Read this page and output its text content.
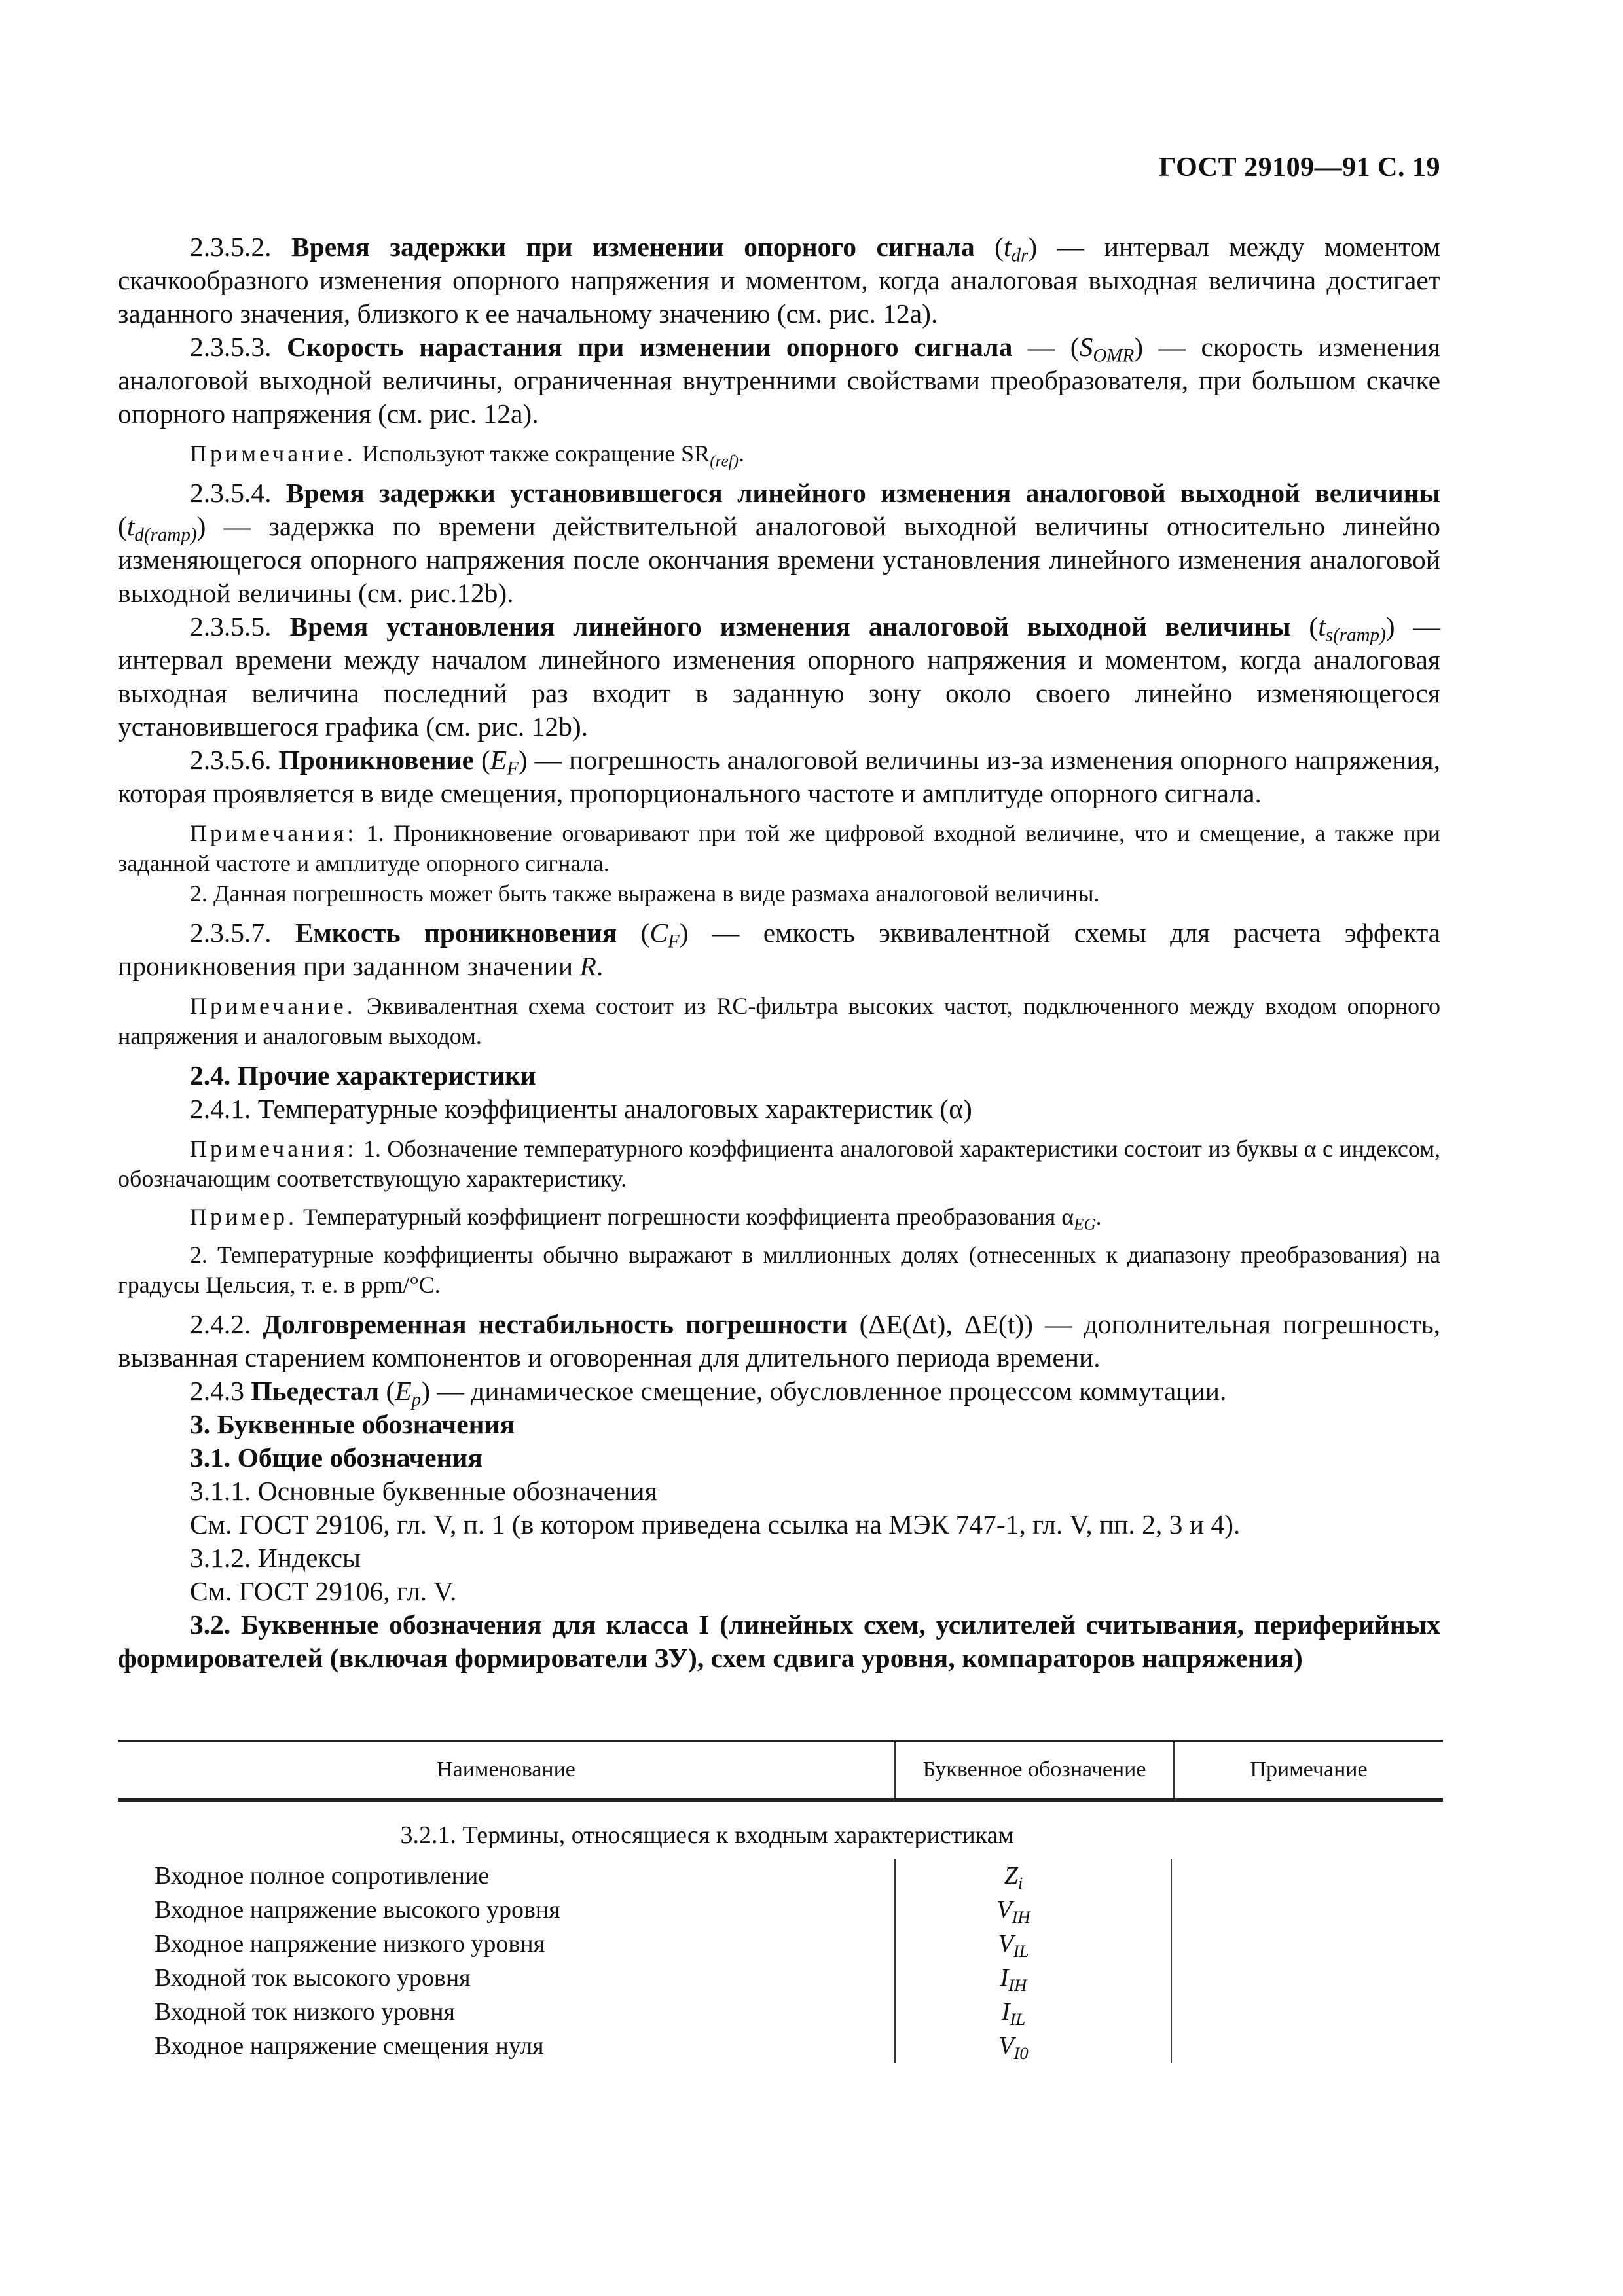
ГОСТ 29109—91 С. 19

2.3.5.2. Время задержки при изменении опорного сигнала $(t_{dr})$ — интервал между моментом скачкообразного изменения опорного напряжения и моментом, когда аналоговая выходная величина достигает заданного значения, близкого к ее начальному значению (см. рис. 12а).

2.3.5.3. Скорость нарастания при изменении опорного сигнала — $(S_{OMR})$ — скорость изменения аналоговой выходной величины, ограниченная внутренними свойствами преобразователя, при большом скачке опорного напряжения (см. рис. 12а).

Примечание. Используют также сокращение $SR_{(ref)}$.

2.3.5.4. Время задержки установившегося линейного изменения аналоговой выходной величины $(t_{d(ramp)})$ — задержка по времени действительной аналоговой выходной величины относительно линейно изменяющегося опорного напряжения после окончания времени установления линейного изменения аналоговой выходной величины (см. рис.12b).

2.3.5.5. Время установления линейного изменения аналоговой выходной величины $(t_{s(ramp)})$ — интервал времени между началом линейного изменения опорного напряжения и моментом, когда аналоговая выходная величина последний раз входит в заданную зону около своего линейно изменяющегося установившегося графика (см. рис. 12b).

2.3.5.6. Проникновение $(E_F)$ — погрешность аналоговой величины из-за изменения опорного напряжения, которая проявляется в виде смещения, пропорционального частоте и амплитуде опорного сигнала.

Примечания: 1. Проникновение оговаривают при той же цифровой входной величине, что и смещение, а также при заданной частоте и амплитуде опорного сигнала.

2. Данная погрешность может быть также выражена в виде размаха аналоговой величины.

2.3.5.7. Емкость проникновения $(C_F)$ — емкость эквивалентной схемы для расчета эффекта проникновения при заданном значении R.

Примечание. Эквивалентная схема состоит из RC-фильтра высоких частот, подключенного между входом опорного напряжения и аналоговым выходом.

2.4. Прочие характеристики

2.4.1. Температурные коэффициенты аналоговых характеристик (α)

Примечания: 1. Обозначение температурного коэффициента аналоговой характеристики состоит из буквы α с индексом, обозначающим соответствующую характеристику.

Пример. Температурный коэффициент погрешности коэффициента преобразования $\alpha_{EG}$.

2. Температурные коэффициенты обычно выражают в миллионных долях (отнесенных к диапазону преобразования) на градусы Цельсия, т. е. в ppm/°С.

2.4.2. Долговременная нестабильность погрешности (ΔE(Δt), ΔE(t)) — дополнительная погрешность, вызванная старением компонентов и оговоренная для длительного периода времени.

2.4.3 Пьедестал $(E_p)$ — динамическое смещение, обусловленное процессом коммутации.

3. Буквенные обозначения

3.1. Общие обозначения

3.1.1. Основные буквенные обозначения

См. ГОСТ 29106, гл. V, п. 1 (в котором приведена ссылка на МЭК 747-1, гл. V, пп. 2, 3 и 4).

3.1.2. Индексы

См. ГОСТ 29106, гл. V.

3.2. Буквенные обозначения для класса I (линейных схем, усилителей считывания, периферийных формирователей (включая формирователи ЗУ), схем сдвига уровня, компараторов напряжения)

Наименование	Буквенное обозначение	Примечание
3.2.1. Термины, относящиеся к входным характеристикам
Входное полное сопротивление	$Z_i$
Входное напряжение высокого уровня	$V_{IH}$
Входное напряжение низкого уровня	$V_{IL}$
Входной ток высокого уровня	$I_{IH}$
Входной ток низкого уровня	$I_{IL}$
Входное напряжение смещения нуля	$V_{I0}$
